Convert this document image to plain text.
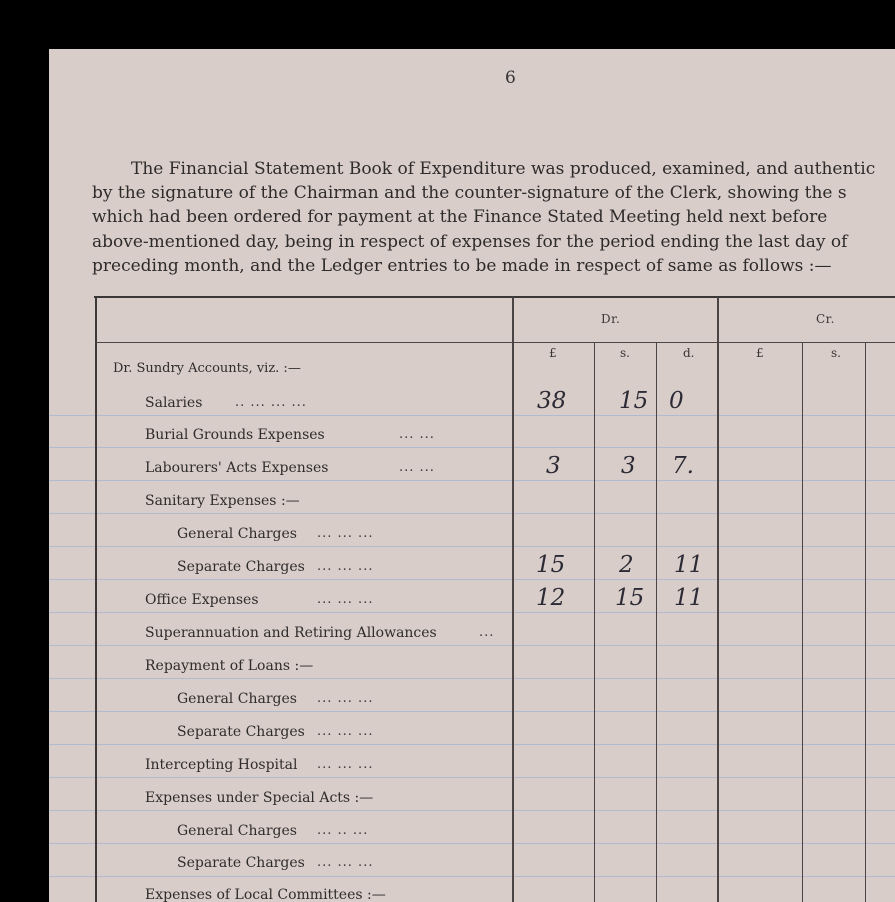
6
The Financial Statement Book of Expenditure was produced, examined, and authentic
by the signature of the Chairman and the counter-signature of the Clerk, showing the s
which had been ordered for payment at the Finance Stated Meeting held next before
above-mentioned day, being in respect of expenses for the period ending the last day of
preceding month, and the Ledger entries to be made in respect of same as follows :—
Dr.	Cr.
£	s.	d.	£	s.
Dr. Sundry Accounts, viz. :—
Salaries	.. ... ... ...	38 15 0
Burial Grounds Expenses	... ...
Labourers' Acts Expenses	... ...	3	3 7.
Sanitary Expenses :—
General Charges ... ... ...
Separate Charges ... ... ...	15 2 11
Office Expenses	... ... ...	12 15 11
Superannuation and Retiring Allowances	...
Repayment of Loans :—
General Charges ... ... ...
Separate Charges ... ... ...
Intercepting Hospital ... ... ...
Expenses under Special Acts :—
General Charges ... .. ...
Separate Charges ... ... ...
Expenses of Local Committees :—
